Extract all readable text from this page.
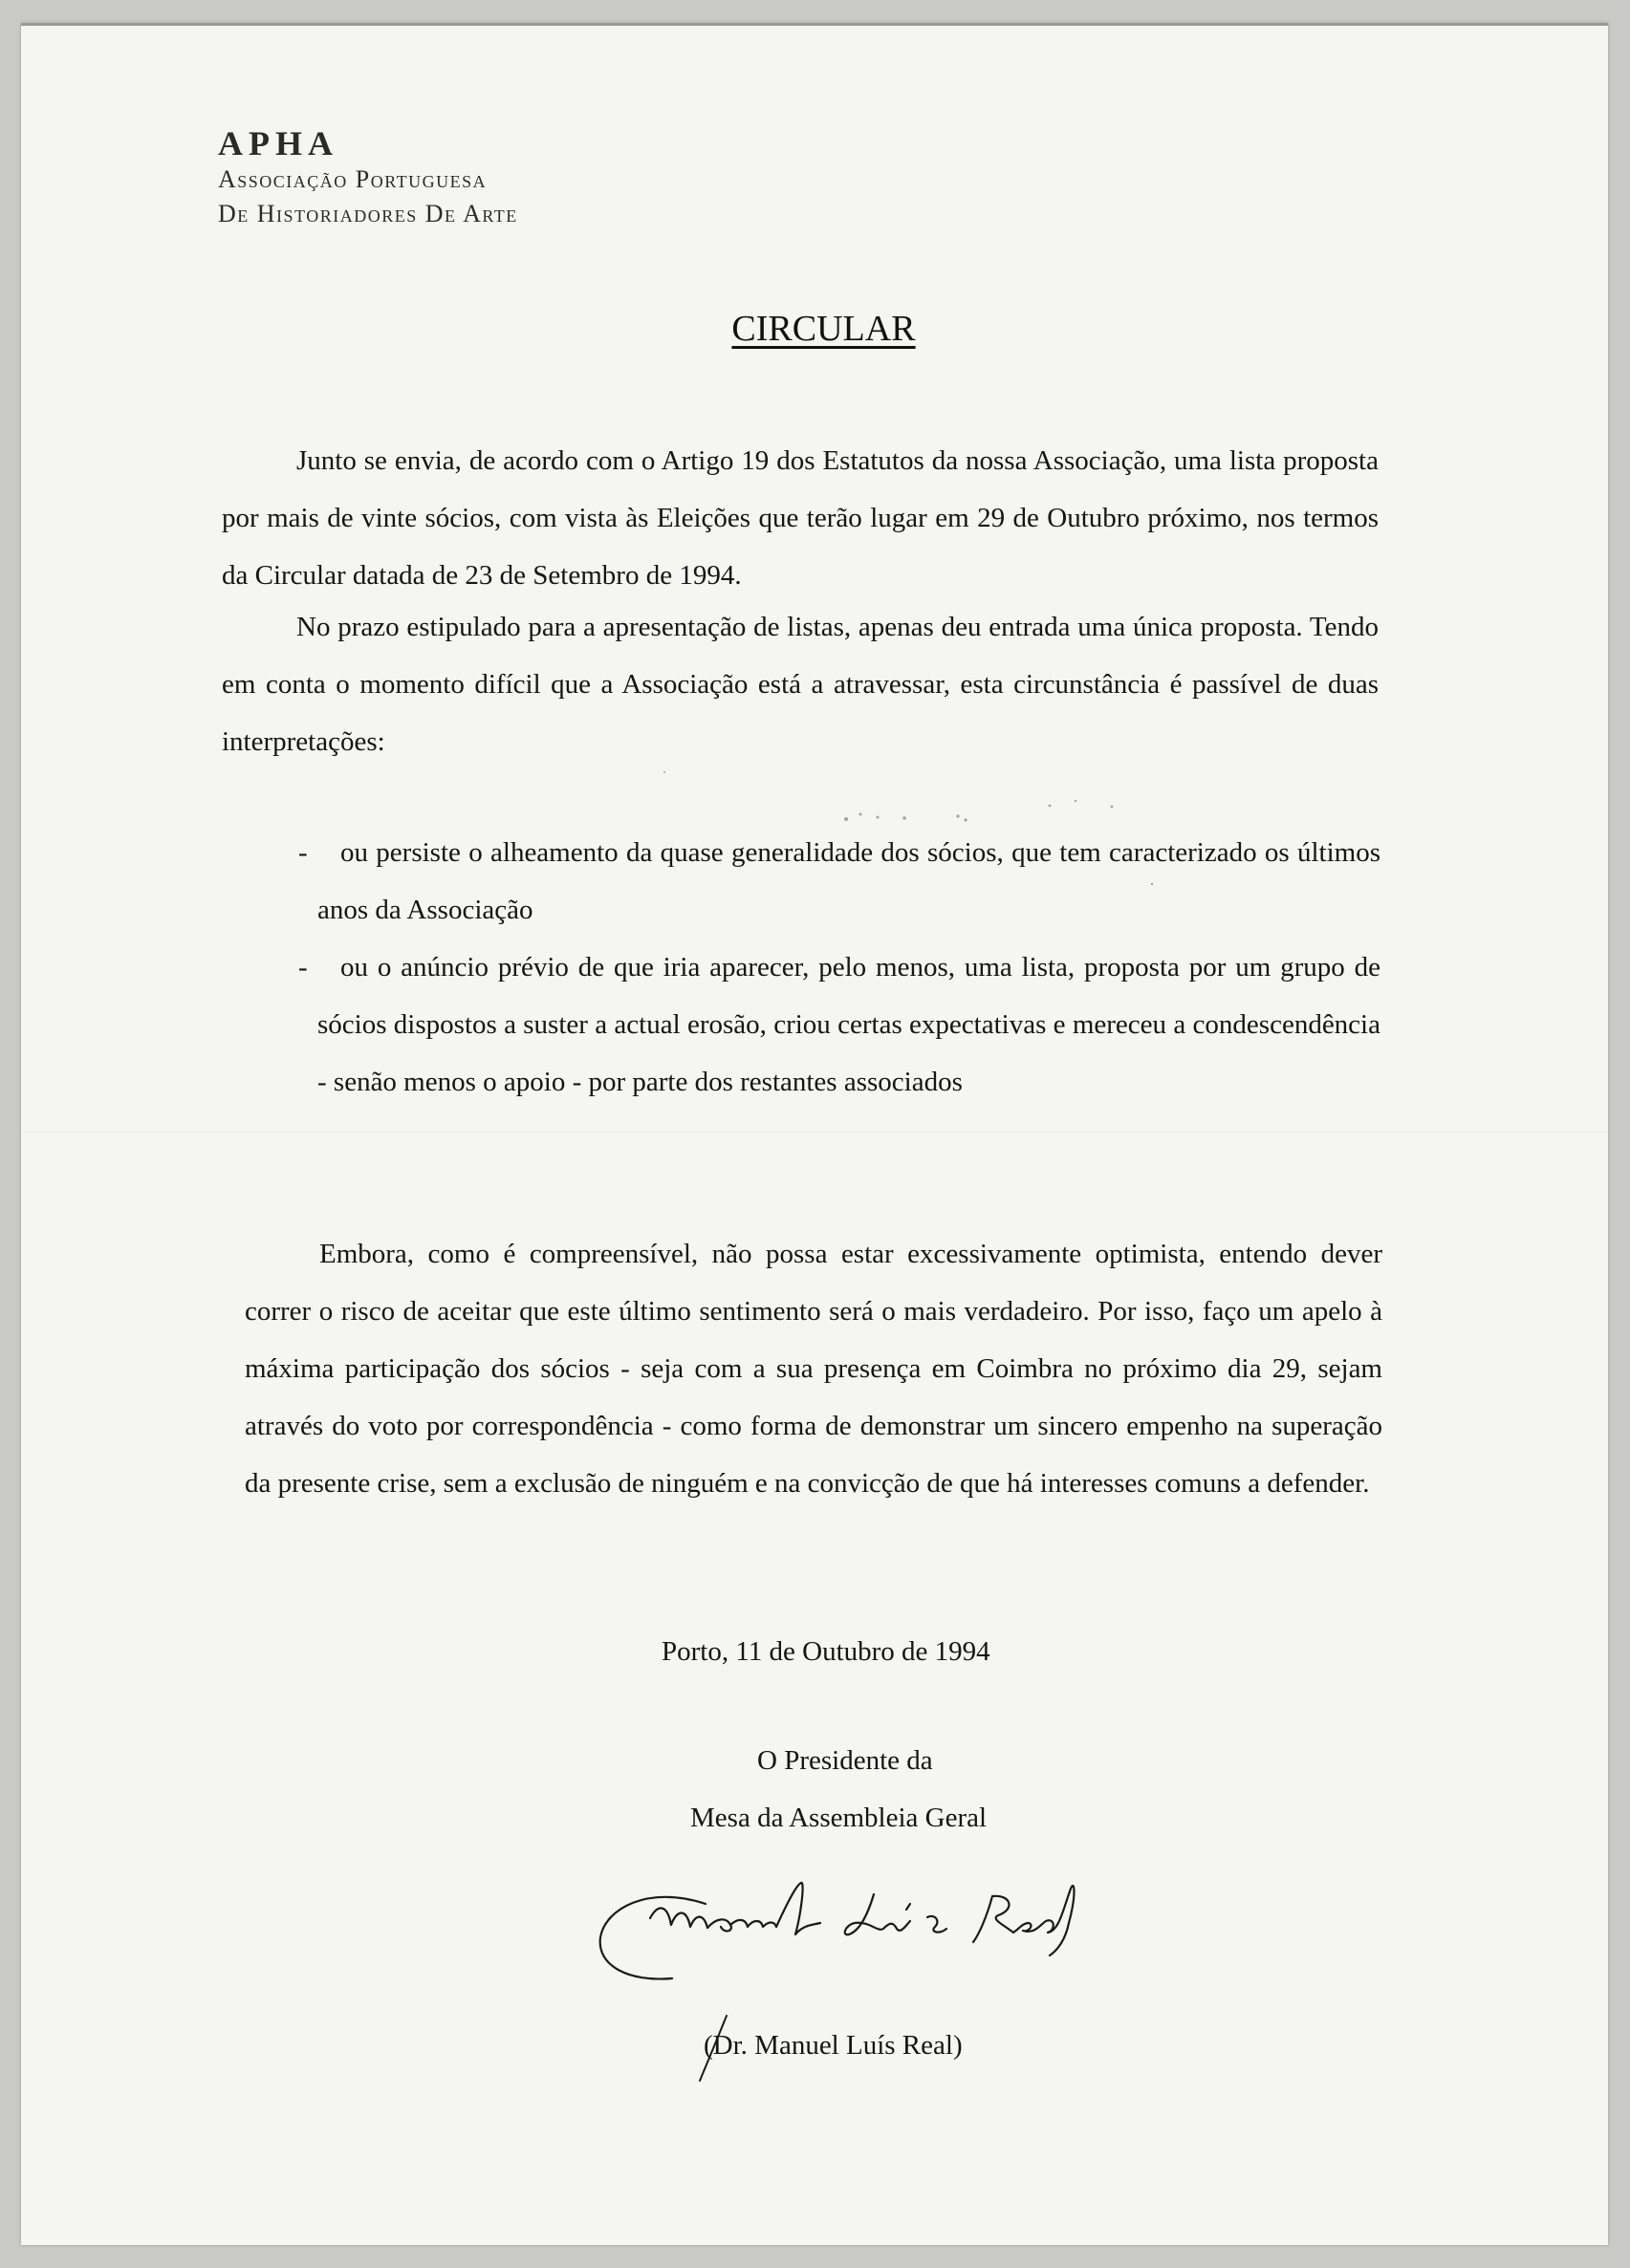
APHA
Associação Portuguesa
De Historiadores De Arte
CIRCULAR

Junto se envia, de acordo com o Artigo 19 dos Estatutos da nossa Associação, uma lista proposta por mais de vinte sócios, com vista às Eleições que terão lugar em 29 de Outubro próximo, nos termos da Circular datada de 23 de Setembro de 1994.

No prazo estipulado para a apresentação de listas, apenas deu entrada uma única proposta. Tendo em conta o momento difícil que a Associação está a atravessar, esta circunstância é passível de duas interpretações:

-	ou persiste o alheamento da quase generalidade dos sócios, que tem caracterizado os últimos anos da Associação
-	ou o anúncio prévio de que iria aparecer, pelo menos, uma lista, proposta por um grupo de sócios dispostos a suster a actual erosão, criou certas expectativas e mereceu a condescendência - senão menos o apoio - por parte dos restantes associados

Embora, como é compreensível, não possa estar excessivamente optimista, entendo dever correr o risco de aceitar que este último sentimento será o mais verdadeiro. Por isso, faço um apelo à máxima participação dos sócios - seja com a sua presença em Coimbra no próximo dia 29, sejam através do voto por correspondência - como forma de demonstrar um sincero empenho na superação da presente crise, sem a exclusão de ninguém e na convicção de que há interesses comuns a defender.

Porto, 11 de Outubro de 1994
O Presidente da
Mesa da Assembleia Geral
(Dr. Manuel Luís Real)
